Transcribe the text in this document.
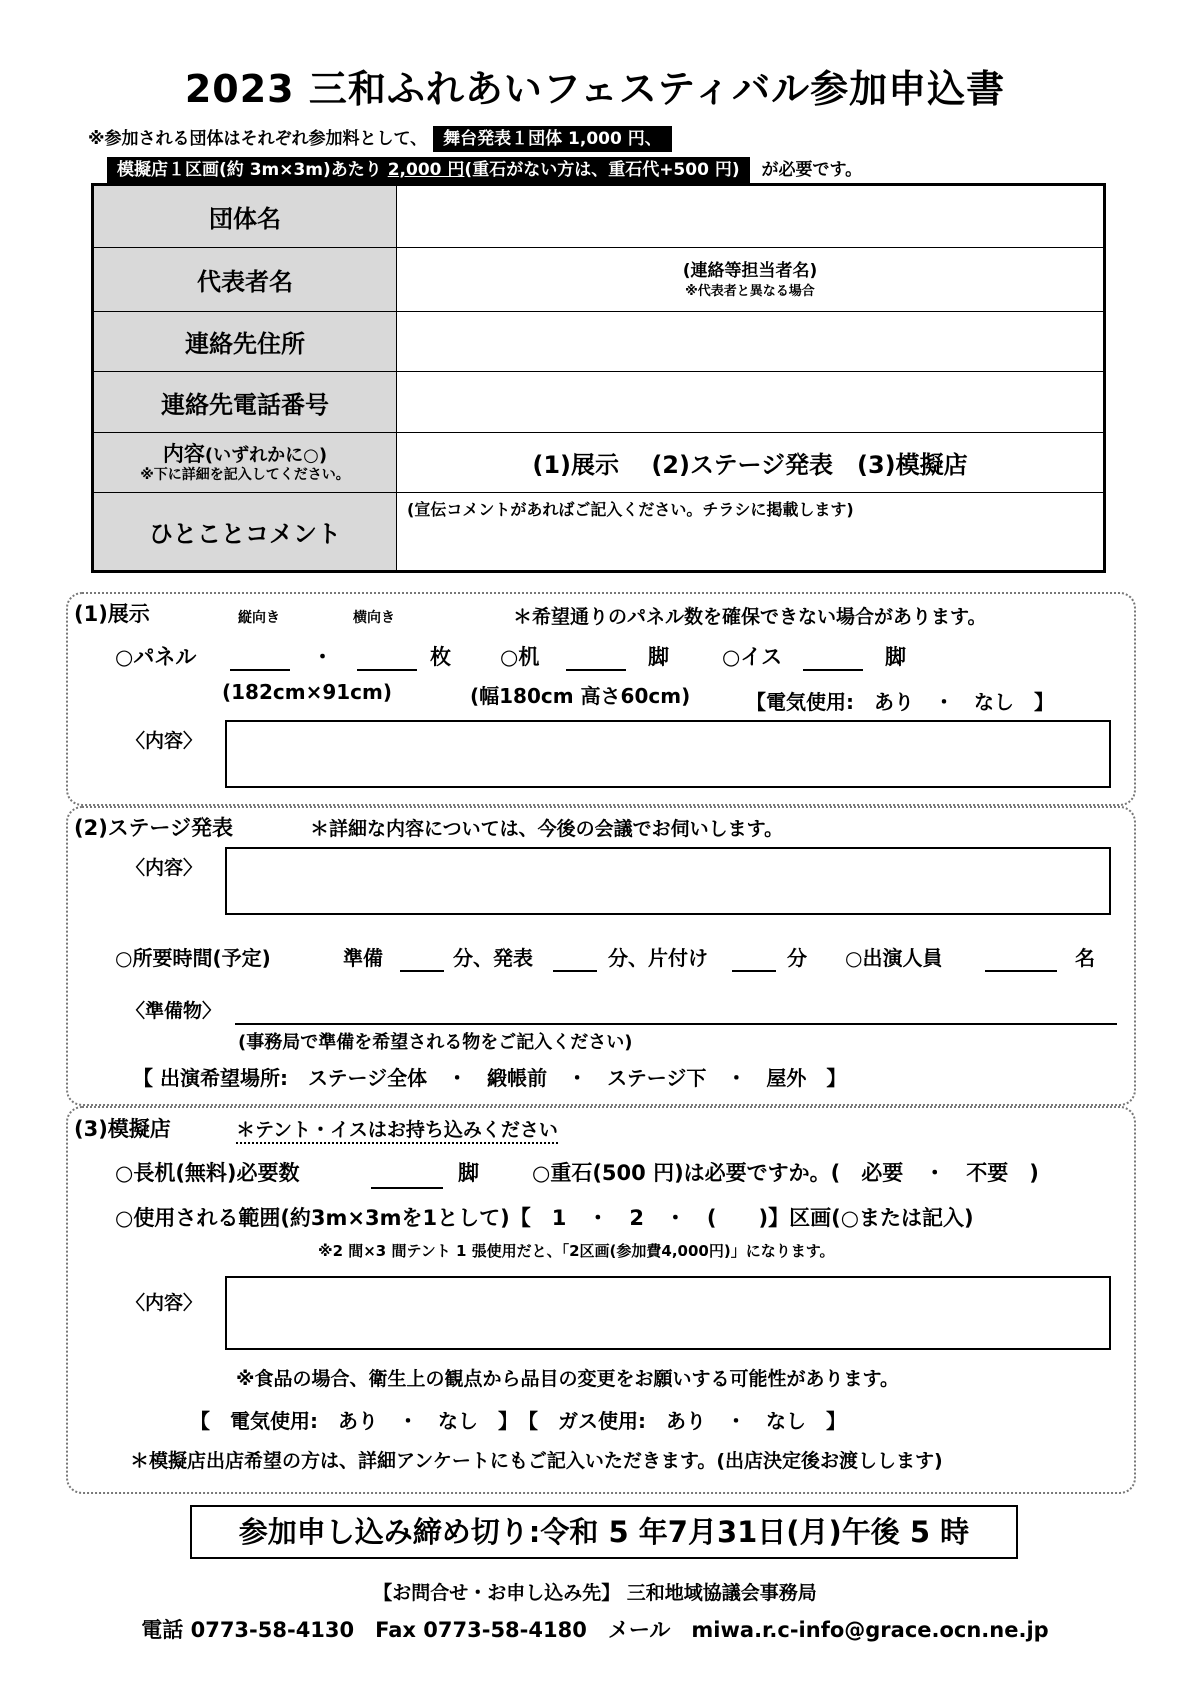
2023 三和ふれあいフェスティバル参加申込書
※参加される団体はそれぞれ参加料として、 舞台発表１団体 1,000 円、
模擬店１区画(約 3m×3m)あたり 2,000 円(重石がない方は、重石代+500 円) が必要です。
団体名	
代表者名	(連絡等担当者名)
※代表者と異なる場合

連絡先住所	
連絡先電話番号	

内容(いずれかに○)
※下に詳細を記入してください。	(1)展示　 (2)ステージ発表　(3)模擬店
ひとことコメント	(宣伝コメントがあればご記入ください。チラシに掲載します)
(1)展示	縦向き	横向き	＊希望通りのパネル数を確保できない場合があります。
○パネル	・	枚 ○机	脚	○イス	脚
(182cm×91cm)	(幅180cm 高さ60cm)	【電気使用:　あり　・　なし　】
〈内容〉
(2)ステージ発表	＊詳細な内容については、今後の会議でお伺いします。
〈内容〉
○所要時間(予定)	準備	分、発表	分、片付け	分 ○出演人員	名
〈準備物〉
(事務局で準備を希望される物をご記入ください)
【 出演希望場所:　ステージ全体　・　緞帳前　・　ステージ下　・　屋外　】
(3)模擬店	＊テント・イスはお持ち込みください
○長机(無料)必要数	脚	○重石(500 円)は必要ですか。(　必要　・　不要　)
○使用される範囲(約3m×3mを1として)【　1　・　2　・　(　　)】区画(○または記入)
※2 間×3 間テント 1 張使用だと、「2区画(参加費4,000円)」になります。
〈内容〉
※食品の場合、衛生上の観点から品目の変更をお願いする可能性があります。
【　電気使用:　あり　・　なし　】　【　ガス使用:　あり　・　なし　】
＊模擬店出店希望の方は、詳細アンケートにもご記入いただきます。(出店決定後お渡しします)
参加申し込み締め切り:令和 5 年7月31日(月)午後 5 時
【お問合せ・お申し込み先】 三和地域協議会事務局
電話 0773-58-4130　Fax 0773-58-4180　メール　miwa.r.c-info@grace.ocn.ne.jp
